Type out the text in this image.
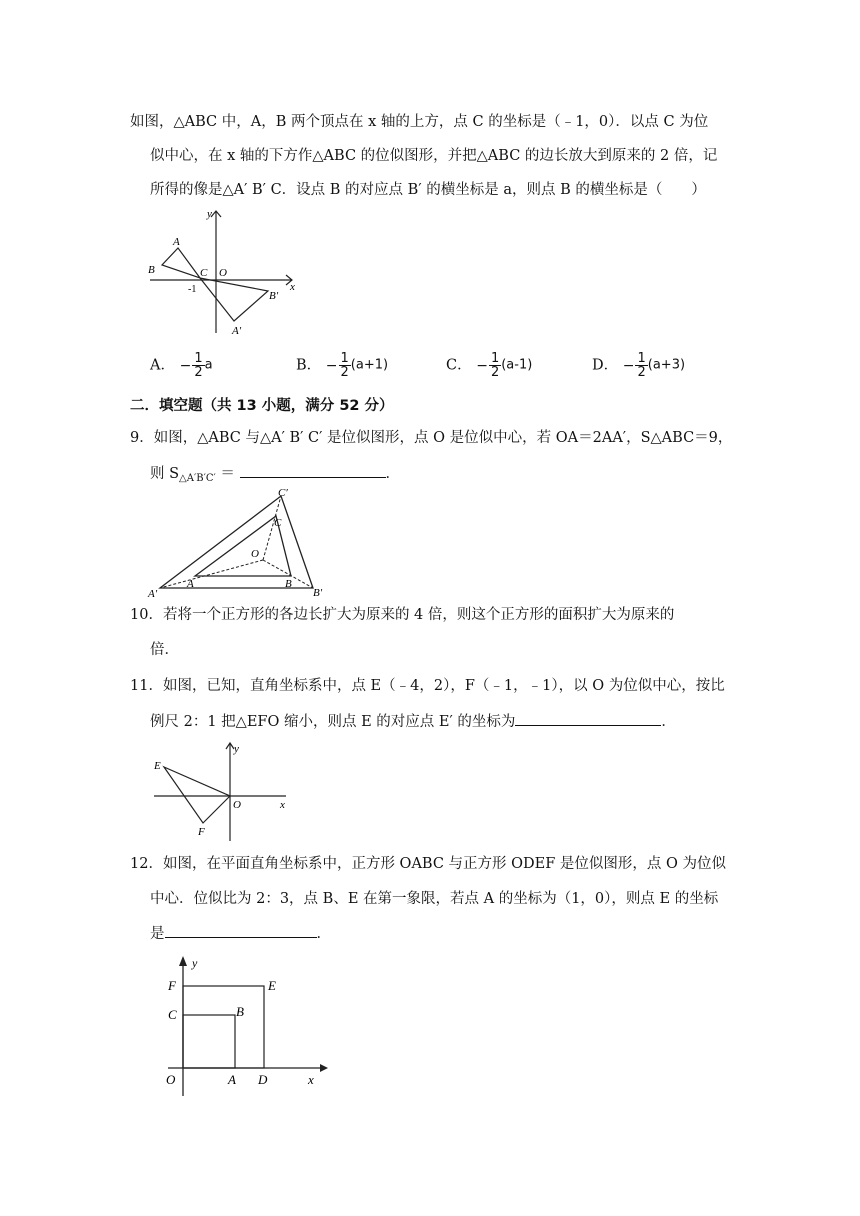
如图，△ABC 中，A，B 两个顶点在 x 轴的上方，点 C 的坐标是（﹣1，0）．以点 C 为位
似中心，在 x 轴的下方作△ABC 的位似图形，并把△ABC 的边长放大到原来的 2 倍，记
所得的像是△A′ B′ C．设点 B 的对应点 B′ 的横坐标是 a，则点 B 的横坐标是（　　）
y
x
A
B	C O
-1
B′
A′
A． − $\frac{1}{2}$ a	B． − $\frac{1}{2} (a+1)$	C． − $\frac{1}{2} (a-1)$	D． − $\frac{1}{2} (a+3)$
二．填空题（共 13 小题，满分 52 分）
9．如图，△ABC 与△A′ B′ C′ 是位似图形，点 O 是位似中心，若 OA＝2AA′，S△ABC＝9，
则 $S_{\triangle A'B'C'}$ ＝	．
C′
C
O
A′
A	B
B′
10．若将一个正方形的各边长扩大为原来的 4 倍，则这个正方形的面积扩大为原来的
倍．
11．如图，已知，直角坐标系中，点 E（﹣4，2），F（﹣1，﹣1），以 O 为位似中心，按比
例尺 2：1 把△EFO 缩小，则点 E 的对应点 E′ 的坐标为	．
y
E
O	x
F
12．如图，在平面直角坐标系中，正方形 OABC 与正方形 ODEF 是位似图形，点 O 为位似
中心．位似比为 2：3，点 B、E 在第一象限，若点 A 的坐标为（1，0），则点 E 的坐标
是	．
y
F	E
C	B
O	A D	x
